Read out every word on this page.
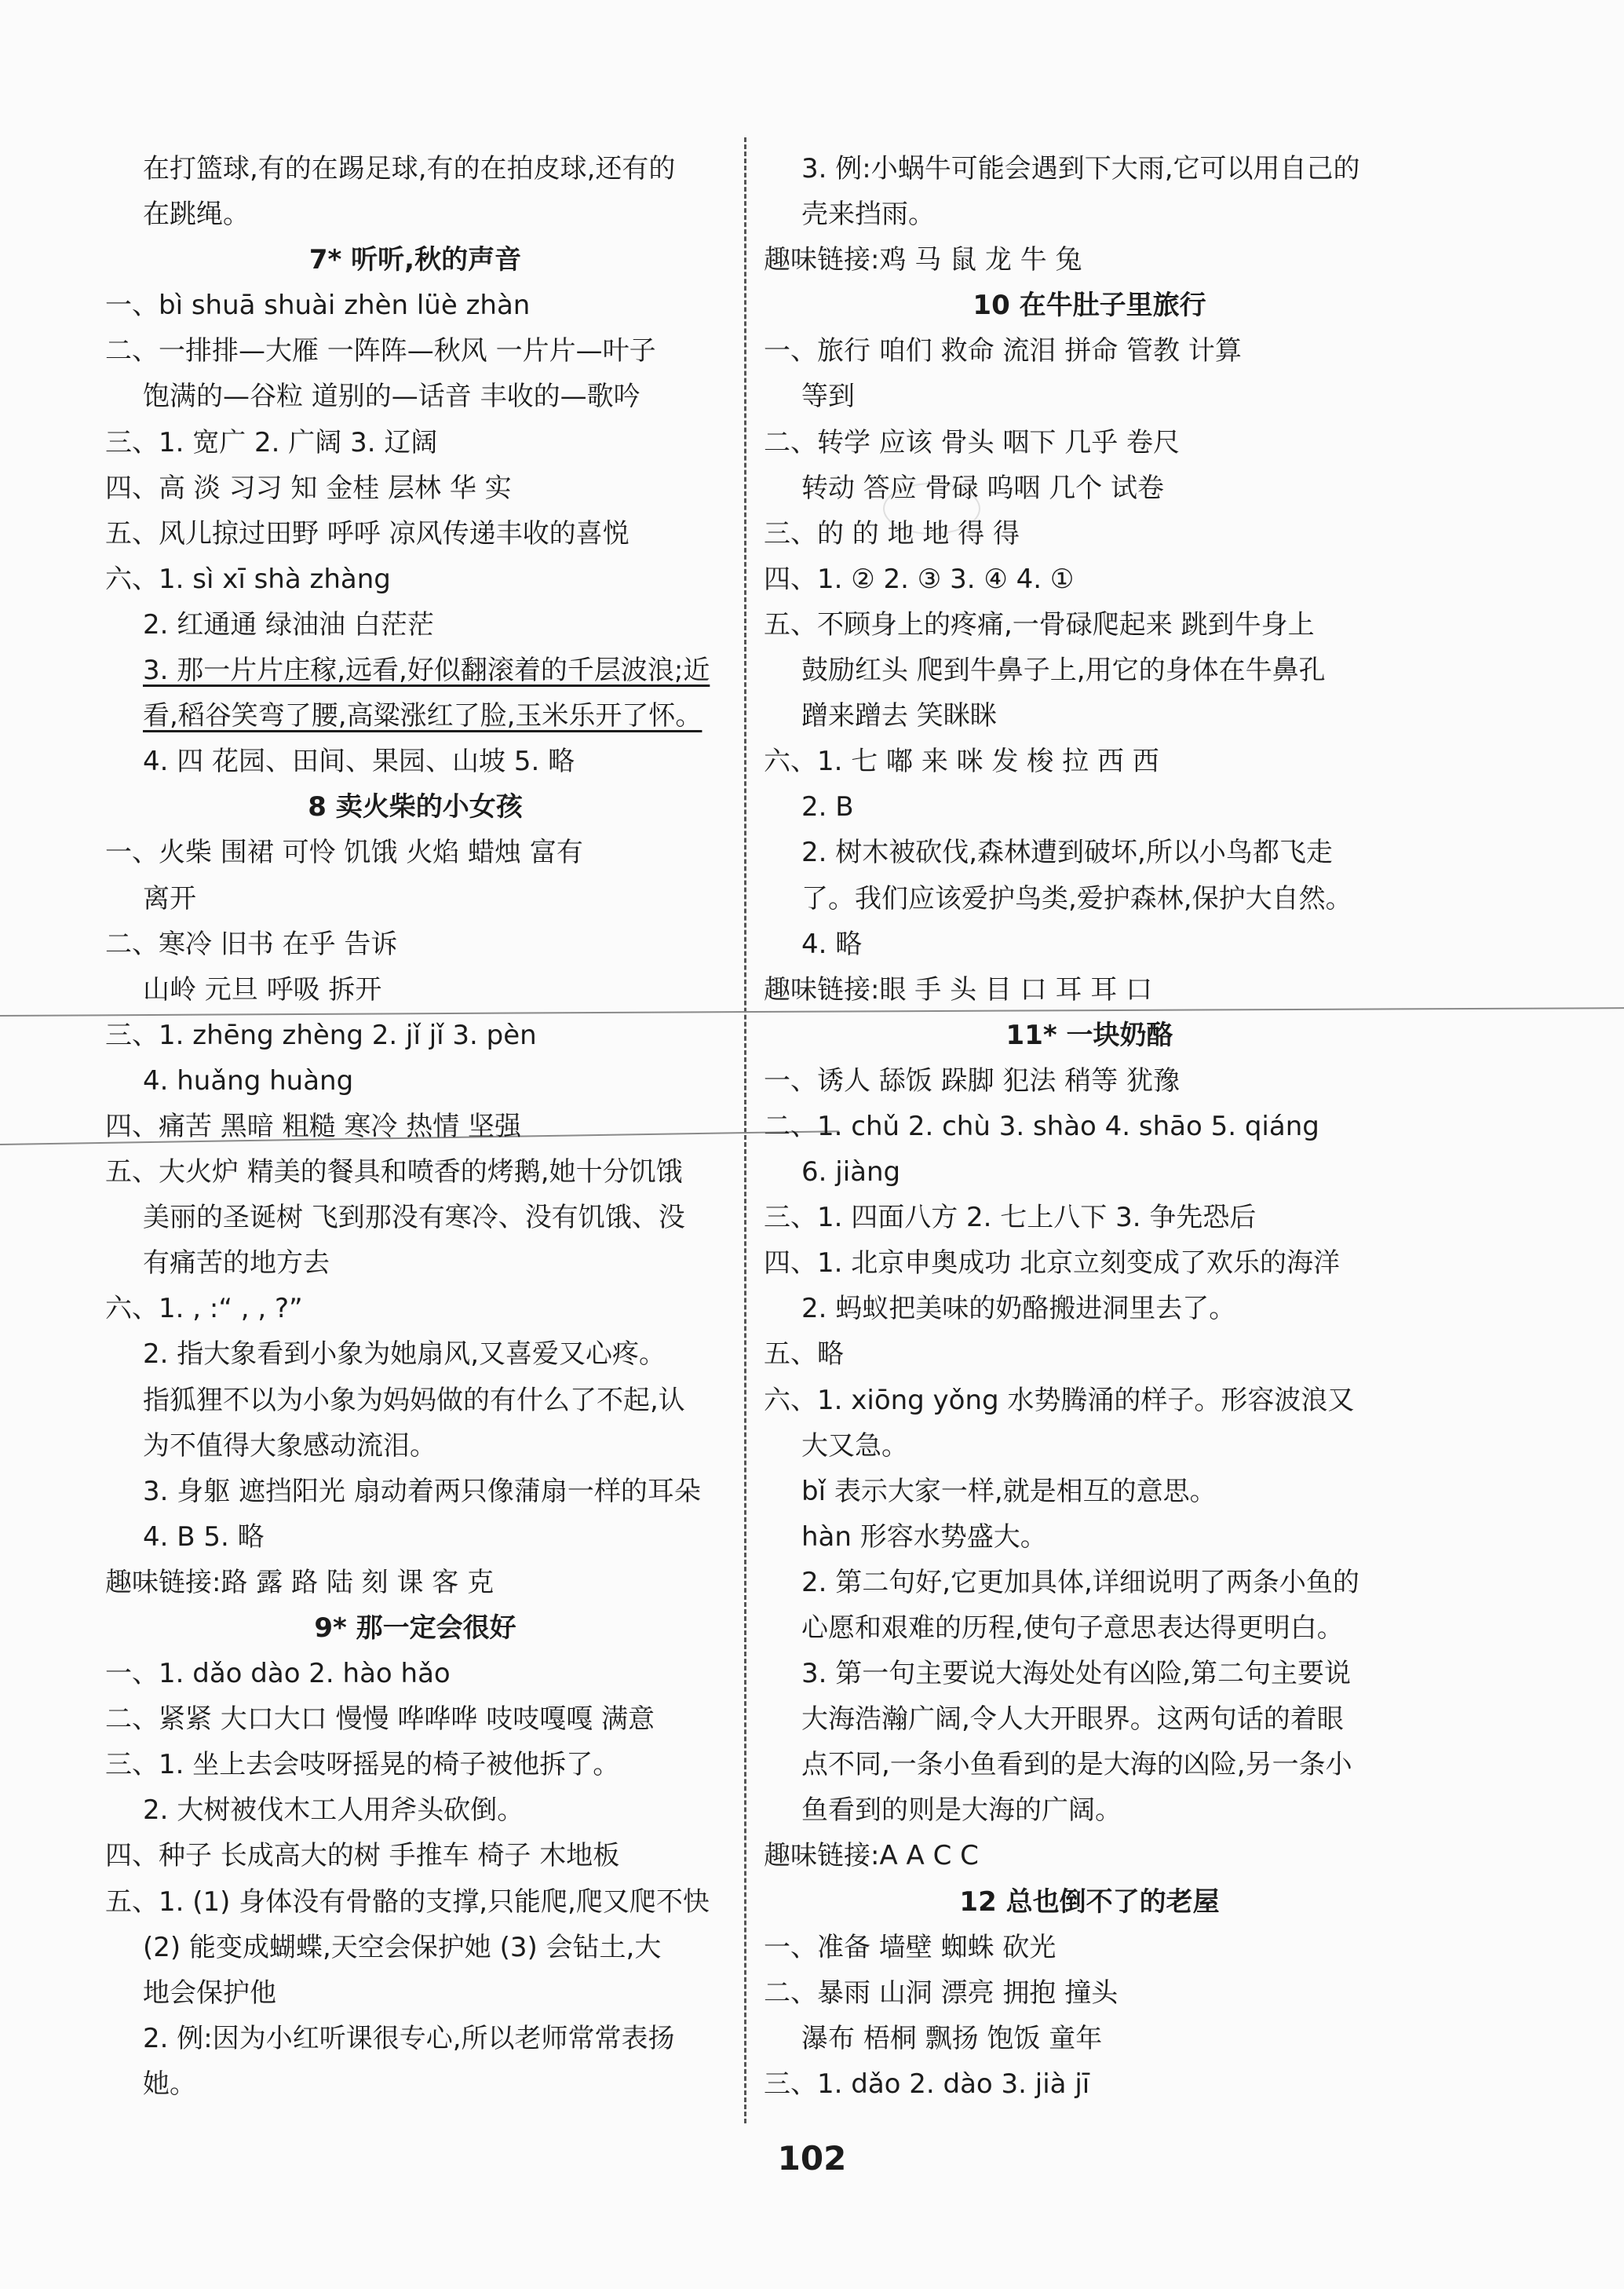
在打篮球,有的在踢足球,有的在拍皮球,还有的
在跳绳。
7* 听听,秋的声音
一、bì shuā shuài zhèn lüè zhàn
二、一排排—大雁 一阵阵—秋风 一片片—叶子
饱满的—谷粒 道别的—话音 丰收的—歌吟
三、1. 宽广 2. 广阔 3. 辽阔
四、高 淡 习习 知 金桂 层林 华 实
五、风儿掠过田野 呼呼 凉风传递丰收的喜悦
六、1. sì xī shà zhàng
2. 红通通 绿油油 白茫茫
3. 那一片片庄稼,远看,好似翻滚着的千层波浪;近
看,稻谷笑弯了腰,高粱涨红了脸,玉米乐开了怀。
4. 四 花园、田间、果园、山坡 5. 略
8 卖火柴的小女孩
一、火柴 围裙 可怜 饥饿 火焰 蜡烛 富有
离开
二、寒冷 旧书 在乎 告诉
山岭 元旦 呼吸 拆开
三、1. zhēng zhèng 2. jǐ jǐ 3. pèn
4. huǎng huàng
四、痛苦 黑暗 粗糙 寒冷 热情 坚强
五、大火炉 精美的餐具和喷香的烤鹅,她十分饥饿
美丽的圣诞树 飞到那没有寒冷、没有饥饿、没
有痛苦的地方去
六、1. , :“ , , ?”
2. 指大象看到小象为她扇风,又喜爱又心疼。
指狐狸不以为小象为妈妈做的有什么了不起,认
为不值得大象感动流泪。
3. 身躯 遮挡阳光 扇动着两只像蒲扇一样的耳朵
4. B 5. 略
趣味链接:路 露 路 陆 刻 课 客 克
9* 那一定会很好
一、1. dǎo dào 2. hào hǎo
二、紧紧 大口大口 慢慢 哗哗哗 吱吱嘎嘎 满意
三、1. 坐上去会吱呀摇晃的椅子被他拆了。
2. 大树被伐木工人用斧头砍倒。
四、种子 长成高大的树 手推车 椅子 木地板
五、1. (1) 身体没有骨骼的支撑,只能爬,爬又爬不快
(2) 能变成蝴蝶,天空会保护她 (3) 会钻土,大
地会保护他
2. 例:因为小红听课很专心,所以老师常常表扬
她。
3. 例:小蜗牛可能会遇到下大雨,它可以用自己的
壳来挡雨。
趣味链接:鸡 马 鼠 龙 牛 兔
10 在牛肚子里旅行
一、旅行 咱们 救命 流泪 拼命 管教 计算
等到
二、转学 应该 骨头 咽下 几乎 卷尺
转动 答应 骨碌 呜咽 几个 试卷
三、的 的 地 地 得 得
四、1. ② 2. ③ 3. ④ 4. ①
五、不顾身上的疼痛,一骨碌爬起来 跳到牛身上
鼓励红头 爬到牛鼻子上,用它的身体在牛鼻孔
蹭来蹭去 笑眯眯
六、1. 七 嘟 来 咪 发 梭 拉 西 西
2. B
2. 树木被砍伐,森林遭到破坏,所以小鸟都飞走
了。我们应该爱护鸟类,爱护森林,保护大自然。
4. 略
趣味链接:眼 手 头 目 口 耳 耳 口
11* 一块奶酪
一、诱人 舔饭 跺脚 犯法 稍等 犹豫
二、1. chǔ 2. chù 3. shào 4. shāo 5. qiáng
6. jiàng
三、1. 四面八方 2. 七上八下 3. 争先恐后
四、1. 北京申奥成功 北京立刻变成了欢乐的海洋
2. 蚂蚁把美味的奶酪搬进洞里去了。
五、略
六、1. xiōng yǒng 水势腾涌的样子。形容波浪又
大又急。
bǐ 表示大家一样,就是相互的意思。
hàn 形容水势盛大。
2. 第二句好,它更加具体,详细说明了两条小鱼的
心愿和艰难的历程,使句子意思表达得更明白。
3. 第一句主要说大海处处有凶险,第二句主要说
大海浩瀚广阔,令人大开眼界。这两句话的着眼
点不同,一条小鱼看到的是大海的凶险,另一条小
鱼看到的则是大海的广阔。
趣味链接:A A C C
12 总也倒不了的老屋
一、准备 墙壁 蜘蛛 砍光
二、暴雨 山洞 漂亮 拥抱 撞头
瀑布 梧桐 飘扬 饱饭 童年
三、1. dǎo 2. dào 3. jià jī
102
